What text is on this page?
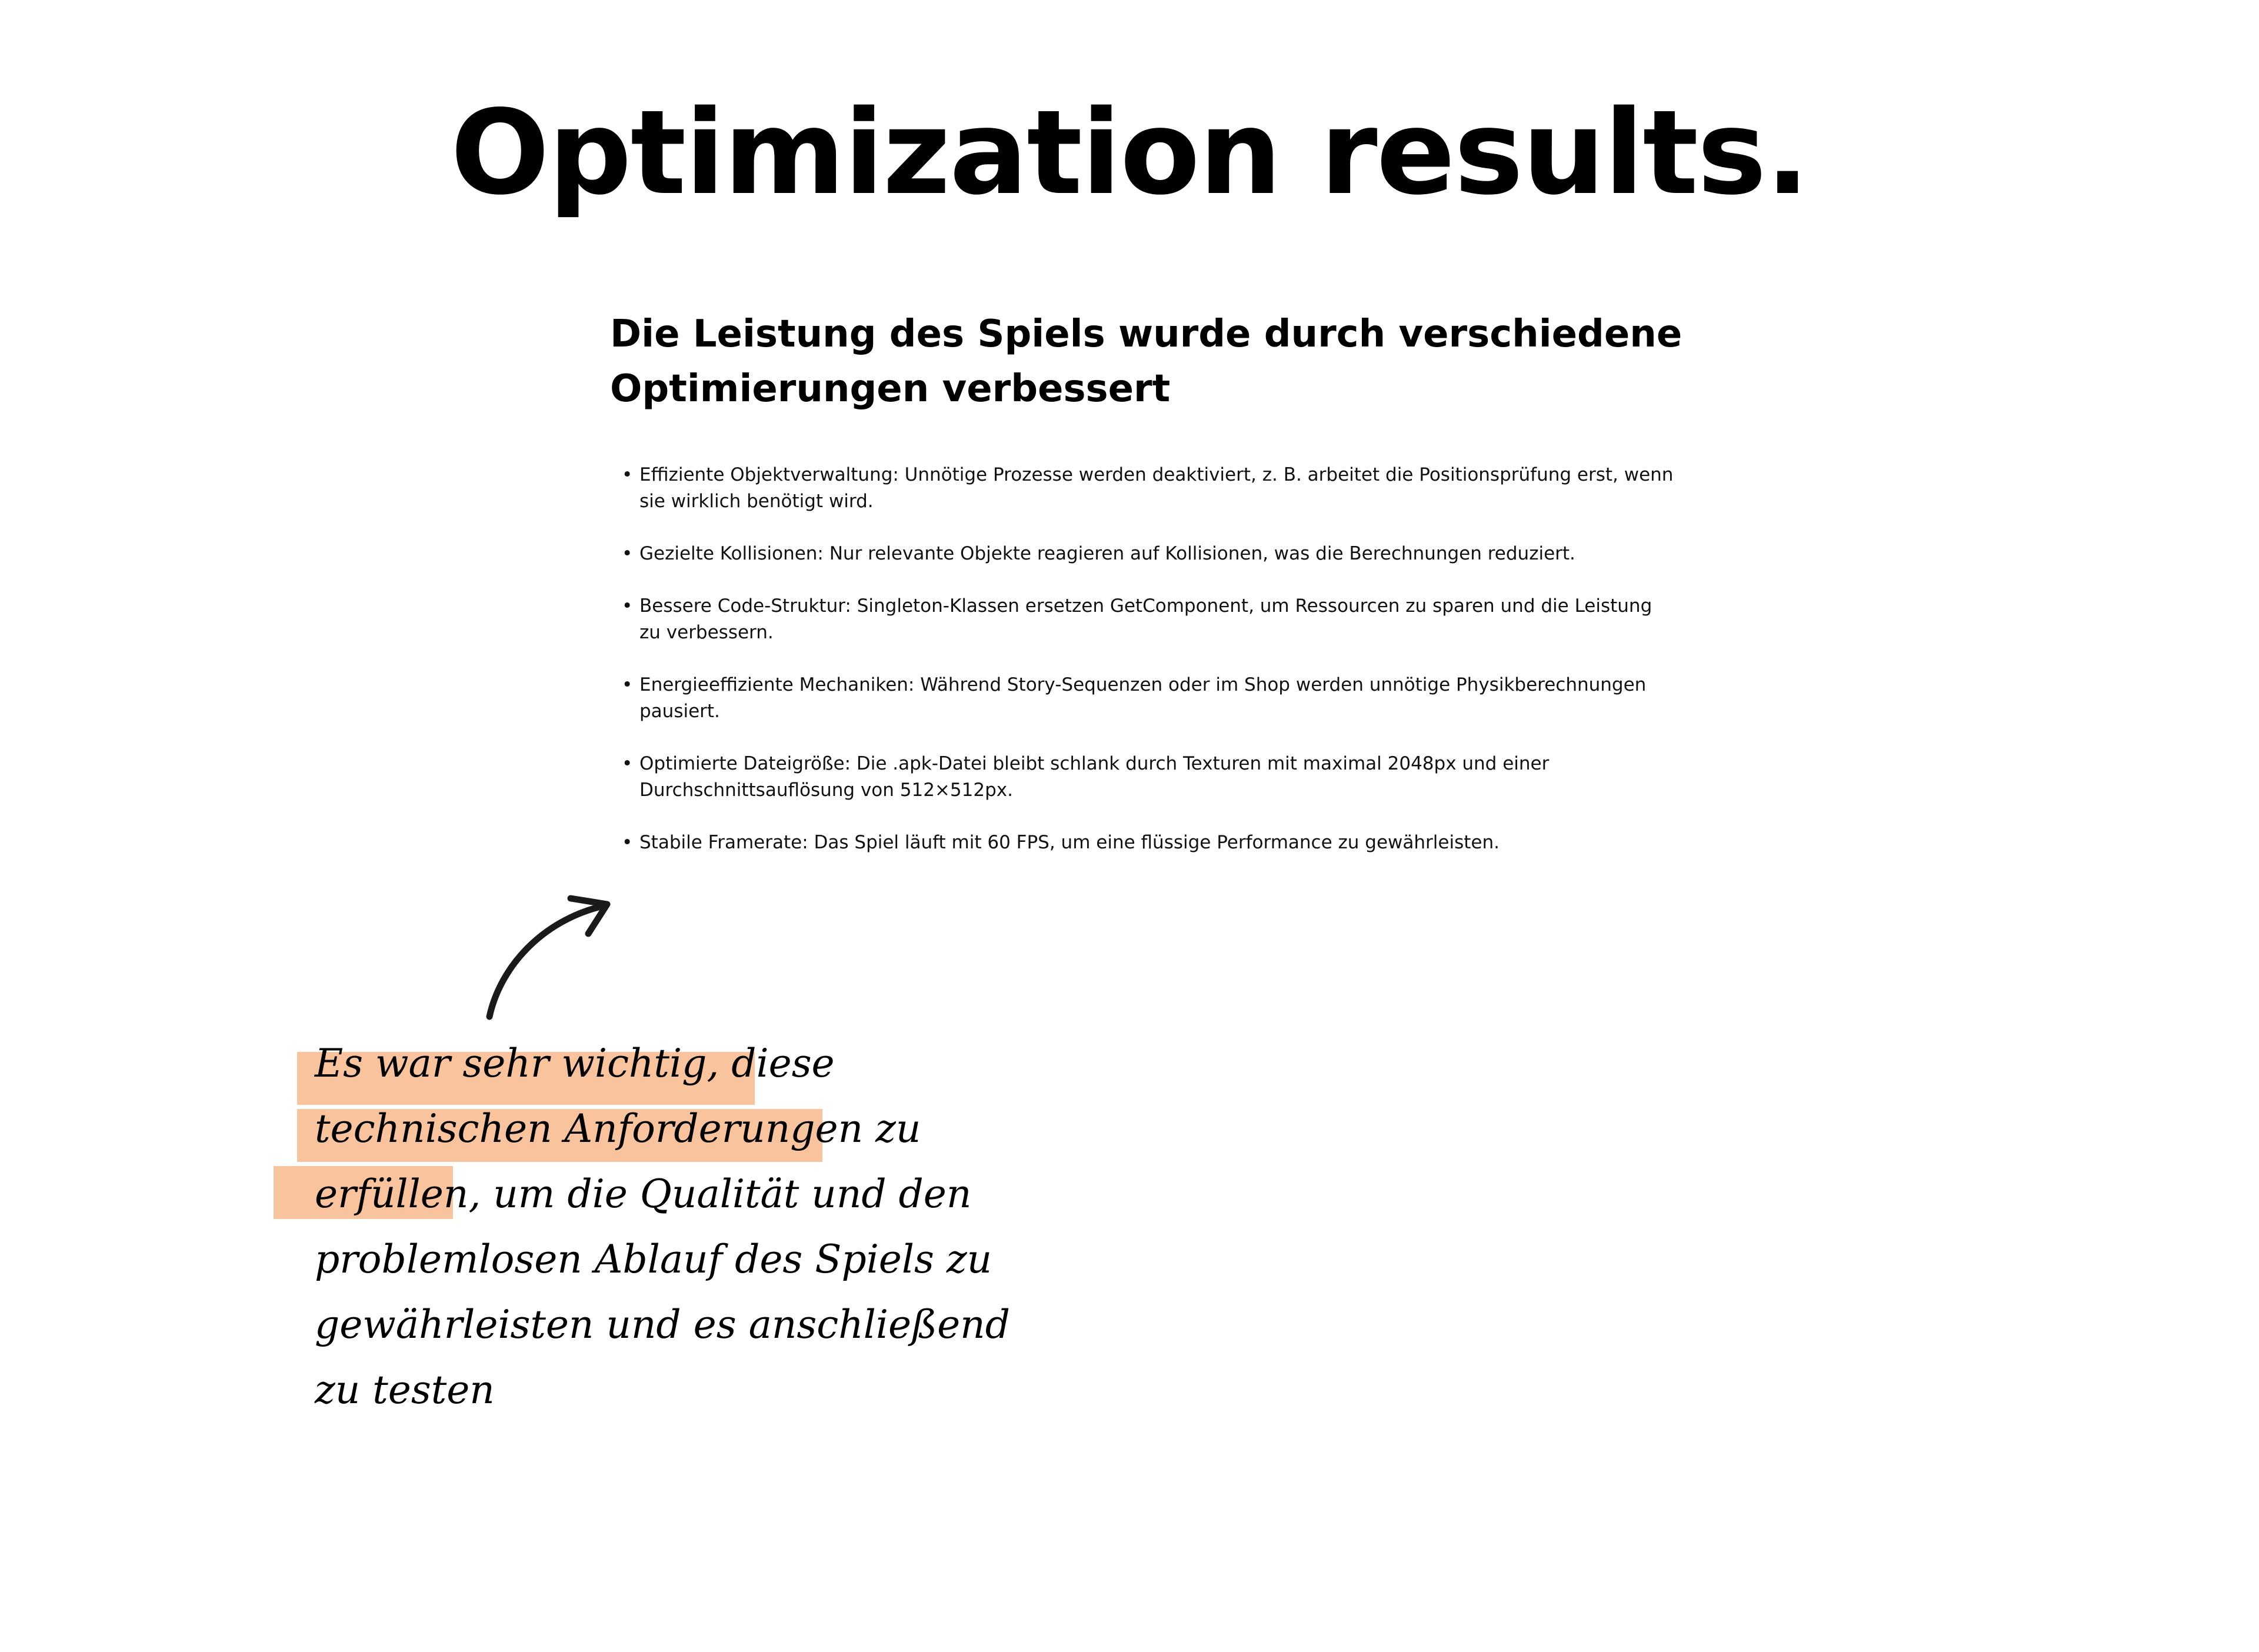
Optimization results.
Die Leistung des Spiels wurde durch verschiedene
Optimierungen verbessert
• Effiziente Objektverwaltung: Unnötige Prozesse werden deaktiviert, z. B. arbeitet die Positionsprüfung erst, wenn
sie wirklich benötigt wird.
• Gezielte Kollisionen: Nur relevante Objekte reagieren auf Kollisionen, was die Berechnungen reduziert.
• Bessere Code-Struktur: Singleton-Klassen ersetzen GetComponent, um Ressourcen zu sparen und die Leistung
zu verbessern.
• Energieeffiziente Mechaniken: Während Story-Sequenzen oder im Shop werden unnötige Physikberechnungen
pausiert.
• Optimierte Dateigröße: Die .apk-Datei bleibt schlank durch Texturen mit maximal 2048px und einer
Durchschnittsauflösung von 512×512px.
• Stabile Framerate: Das Spiel läuft mit 60 FPS, um eine flüssige Performance zu gewährleisten.

Es war sehr wichtig, diese
technischen Anforderungen zu
erfüllen, um die Qualität und den
problemlosen Ablauf des Spiels zu
gewährleisten und es anschließend
zu testen
